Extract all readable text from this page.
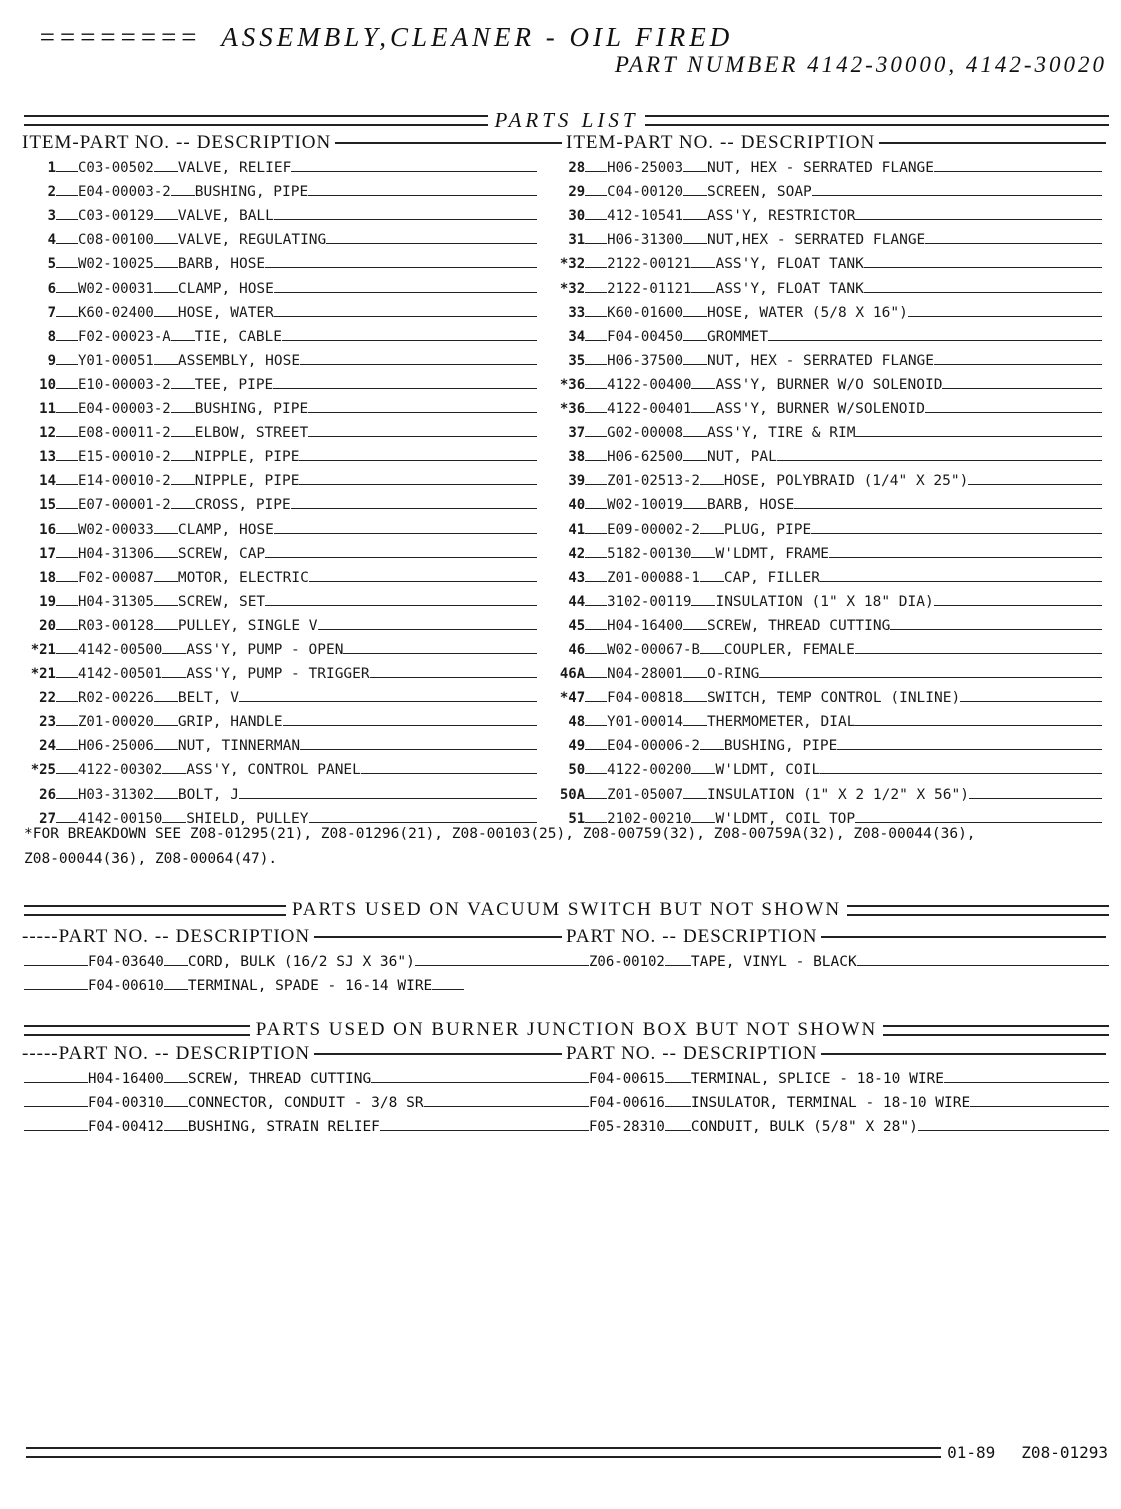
======== ASSEMBLY,CLEANER - OIL FIRED
PART NUMBER 4142-30000, 4142-30020
PARTS LIST
ITEM-PART NO. -- DESCRIPTION	ITEM-PART NO. -- DESCRIPTION
1 C03-00502 VALVE, RELIEF	28 H06-25003 NUT, HEX - SERRATED FLANGE
2 E04-00003-2 BUSHING, PIPE	29 C04-00120 SCREEN, SOAP
3 C03-00129 VALVE, BALL	30 412-10541 ASS'Y, RESTRICTOR
4 C08-00100 VALVE, REGULATING	31 H06-31300 NUT,HEX - SERRATED FLANGE
5 W02-10025 BARB, HOSE	*32 2122-00121 ASS'Y, FLOAT TANK
6 W02-00031 CLAMP, HOSE	*32 2122-01121 ASS'Y, FLOAT TANK
7 K60-02400 HOSE, WATER	33 K60-01600 HOSE, WATER (5/8 X 16")
8 F02-00023-A TIE, CABLE	34 F04-00450 GROMMET
9 Y01-00051 ASSEMBLY, HOSE	35 H06-37500 NUT, HEX - SERRATED FLANGE
10 E10-00003-2 TEE, PIPE	*36 4122-00400 ASS'Y, BURNER W/O SOLENOID
11 E04-00003-2 BUSHING, PIPE	*36 4122-00401 ASS'Y, BURNER W/SOLENOID
12 E08-00011-2 ELBOW, STREET	37 G02-00008 ASS'Y, TIRE & RIM
13 E15-00010-2 NIPPLE, PIPE	38 H06-62500 NUT, PAL
14 E14-00010-2 NIPPLE, PIPE	39 Z01-02513-2 HOSE, POLYBRAID (1/4" X 25")
15 E07-00001-2 CROSS, PIPE	40 W02-10019 BARB, HOSE
16 W02-00033 CLAMP, HOSE	41 E09-00002-2 PLUG, PIPE
17 H04-31306 SCREW, CAP	42 5182-00130 W'LDMT, FRAME
18 F02-00087 MOTOR, ELECTRIC	43 Z01-00088-1 CAP, FILLER
19 H04-31305 SCREW, SET	44 3102-00119 INSULATION (1" X 18" DIA)
20 R03-00128 PULLEY, SINGLE V	45 H04-16400 SCREW, THREAD CUTTING
*21 4142-00500 ASS'Y, PUMP - OPEN	46 W02-00067-B COUPLER, FEMALE
*21 4142-00501 ASS'Y, PUMP - TRIGGER	46A N04-28001 O-RING
22 R02-00226 BELT, V	*47 F04-00818 SWITCH, TEMP CONTROL (INLINE)
23 Z01-00020 GRIP, HANDLE	48 Y01-00014 THERMOMETER, DIAL
24 H06-25006 NUT, TINNERMAN	49 E04-00006-2 BUSHING, PIPE
*25 4122-00302 ASS'Y, CONTROL PANEL	50 4122-00200 W'LDMT, COIL
26 H03-31302 BOLT, J	50A Z01-05007 INSULATION (1" X 2 1/2" X 56")
27 4142-00150 SHIELD, PULLEY	51 2102-00210 W'LDMT, COIL TOP
*FOR BREAKDOWN SEE Z08-01295(21), Z08-01296(21), Z08-00103(25), Z08-00759(32), Z08-00759A(32), Z08-00044(36),
Z08-00044(36), Z08-00064(47).
PARTS USED ON VACUUM SWITCH BUT NOT SHOWN
-----PART NO. -- DESCRIPTION	PART NO. -- DESCRIPTION
F04-03640 CORD, BULK (16/2 SJ X 36")	Z06-00102 TAPE, VINYL - BLACK
F04-00610 TERMINAL, SPADE - 16-14 WIRE
PARTS USED ON BURNER JUNCTION BOX BUT NOT SHOWN
-----PART NO. -- DESCRIPTION	PART NO. -- DESCRIPTION
H04-16400 SCREW, THREAD CUTTING	F04-00615 TERMINAL, SPLICE - 18-10 WIRE
F04-00310 CONNECTOR, CONDUIT - 3/8 SR	F04-00616 INSULATOR, TERMINAL - 18-10 WIRE
F04-00412 BUSHING, STRAIN RELIEF	F05-28310 CONDUIT, BULK (5/8" X 28")
01-89 Z08-01293
